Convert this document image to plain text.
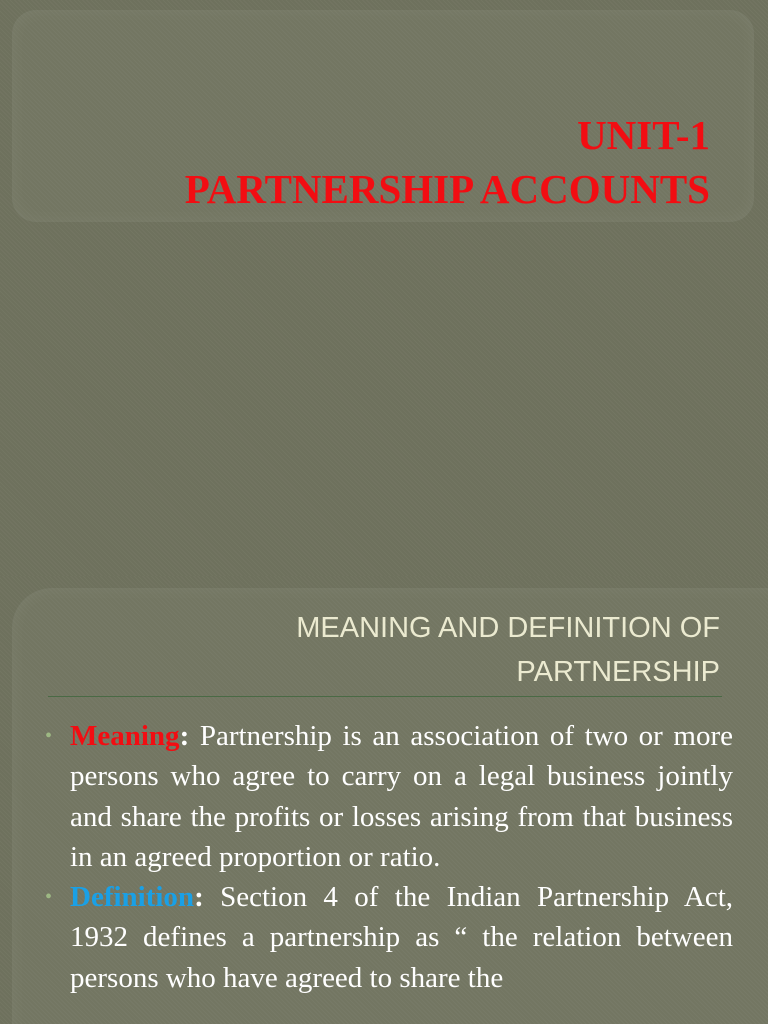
UNIT-1
PARTNERSHIP ACCOUNTS
MEANING AND DEFINITION OF
PARTNERSHIP
• Meaning: Partnership is an association of two or more persons who agree to carry on a legal business jointly and share the profits or losses arising from that business in an agreed proportion or ratio.
• Definition: Section 4 of the Indian Partnership Act, 1932 defines a partnership as “ the relation between persons who have agreed to share the
